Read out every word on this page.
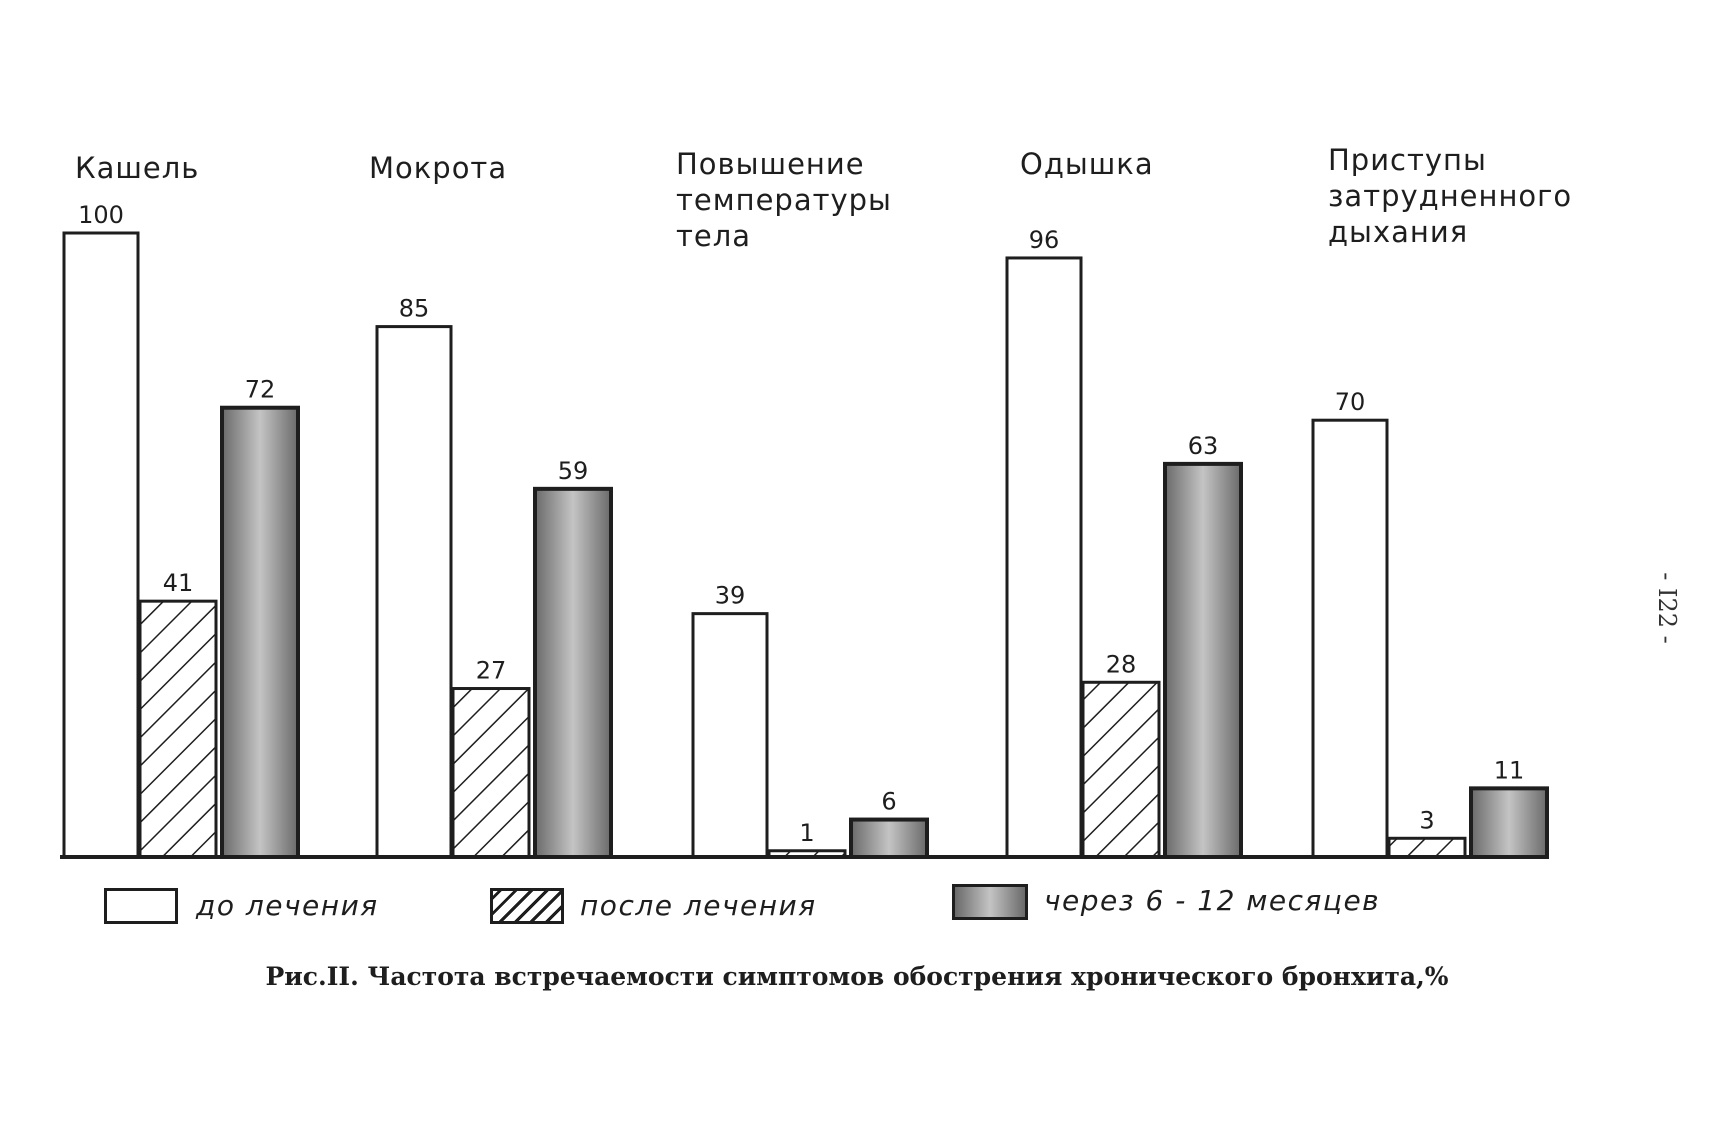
100
85
39
96
70
41
27
1
28
3
72
59
6
63
11
Кашель	Мокрота	Повышение
температуры
тела
Одышка	Приступы
затрудненного
дыхания
до лечения	после лечения	через 6 - 12 месяцев
Рис.II. Частота встречаемости симптомов обострения хронического бронхита,%
- I22 -
